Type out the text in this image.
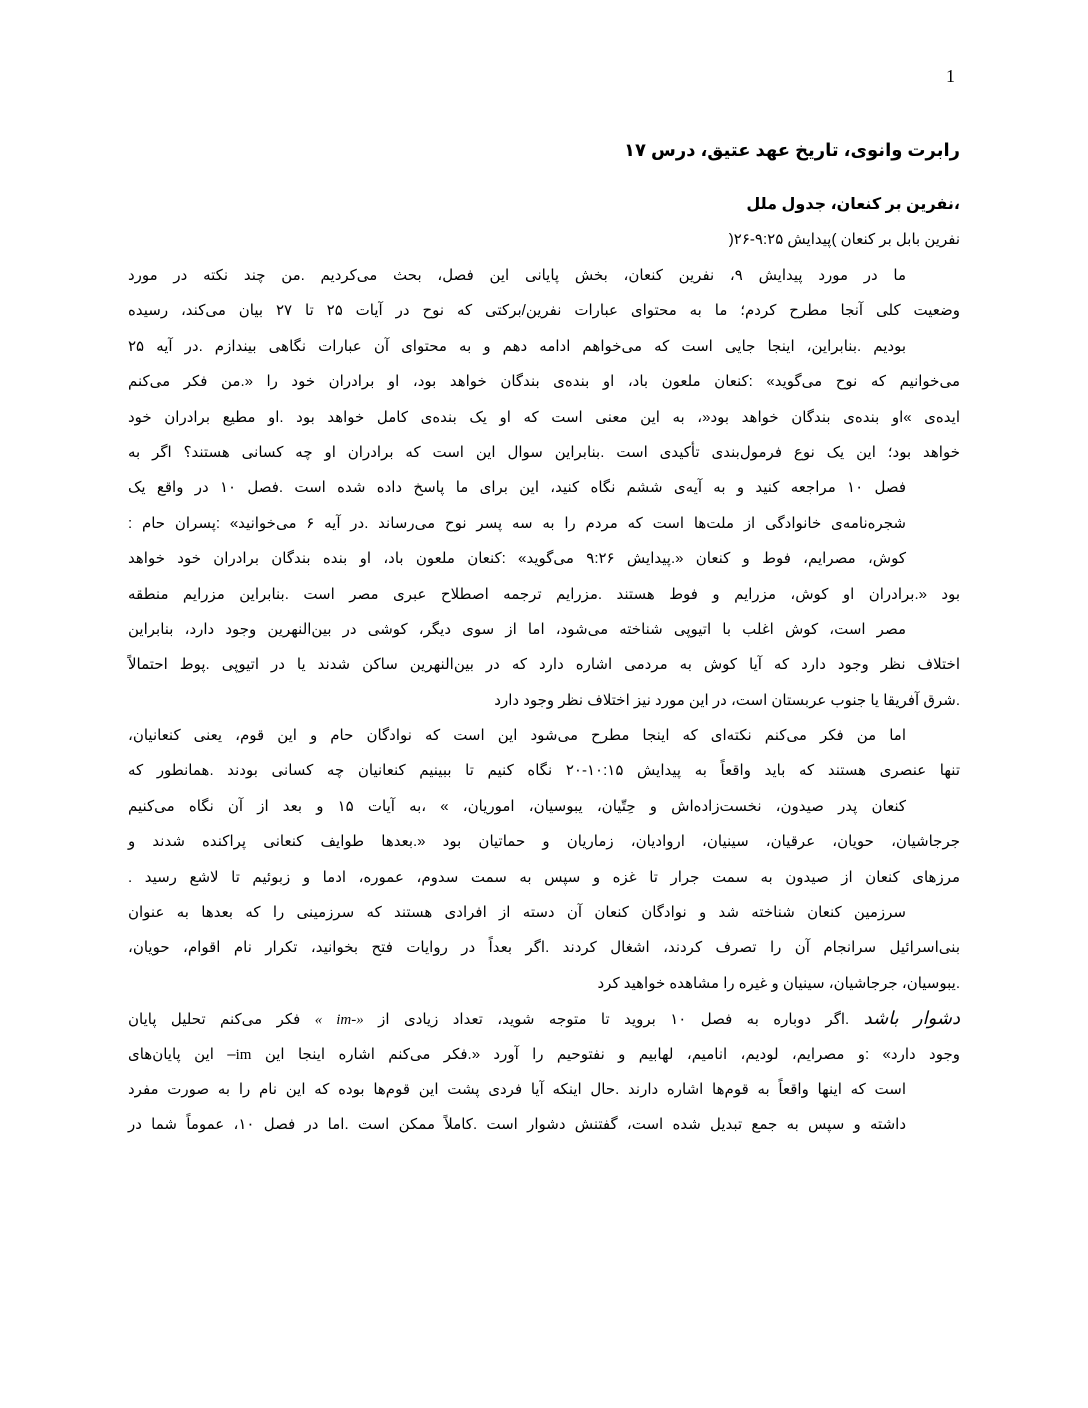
1
رابرت وانوی، تاریخ عهد عتیق، درس ۱۷
،نفرین بر کنعان، جدول ملل
نفرین بابل بر کنعان )پیدایش ۹:۲۵-۲۶(
ما در مورد پیدایش ۹، نفرین کنعان، بخش پایانی این فصل، بحث می‌کردیم .من چند نکته در مورد
وضعیت کلی آنجا مطرح کردم؛ ما به محتوای عبارات نفرین/برکتی که نوح در آیات ۲۵ تا ۲۷ بیان می‌کند، رسیده
بودیم .بنابراین، اینجا جایی است که می‌خواهم ادامه دهم و به محتوای آن عبارات نگاهی بیندازم .در آیه ۲۵
می‌خوانیم که نوح می‌گوید» :کنعان ملعون باد، او بنده‌ی بندگان خواهد بود، او برادران خود را «.من فکر می‌کنم
ایده‌ی »او بنده‌ی بندگان خواهد بود«، به این معنی است که او یک بنده‌ی کامل خواهد بود .او مطیع برادران خود
خواهد بود؛ این یک نوع فرمول‌بندی تأکیدی است .بنابراین سوال این است که برادران او چه کسانی هستند؟ اگر به
فصل ۱۰ مراجعه کنید و به آیه‌ی ششم نگاه کنید، این برای ما پاسخ داده شده است .فصل ۱۰ در واقع یک
شجره‌نامه‌ی خانوادگی از ملت‌ها است که مردم را به سه پسر نوح می‌رساند .در آیه ۶ می‌خوانید» :پسران حام :
کوش، مصرایم، فوط و کنعان «.پیدایش ۹:۲۶ می‌گوید» :کنعان ملعون باد، او بنده بندگان برادران خود خواهد
بود «.برادران او کوش، مزرایم و فوط هستند .مزرایم ترجمه اصطلاح عبری مصر است .بنابراین مزرایم منطقه
مصر است، کوش اغلب با اتیوپی شناخته می‌شود، اما از سوی دیگر، کوشی در بین‌النهرین وجود دارد، بنابراین
اختلاف نظر وجود دارد که آیا کوش به مردمی اشاره دارد که در بین‌النهرین ساکن شدند یا در اتیوپی .پوط احتمالاً
.شرق آفریقا یا جنوب عربستان است، در این مورد نیز اختلاف نظر وجود دارد
اما من فکر می‌کنم نکته‌ای که اینجا مطرح می‌شود این است که نوادگان حام و این قوم، یعنی کنعانیان،
تنها عنصری هستند که باید واقعاً به پیدایش ۱۰:۱۵-۲۰ نگاه کنیم تا ببینیم کنعانیان چه کسانی بودند .همانطور که
کنعان پدر صیدون، نخست‌زاده‌اش و حِتّیان، یبوسیان، اموریان، » ،به آیات ۱۵ و بعد از آن نگاه می‌کنیم
جرجاشیان، حویان، عرقیان، سینیان، اروادیان، زماریان و حماتیان بود «.بعدها طوایف کنعانی پراکنده شدند و
مرزهای کنعان از صیدون به سمت جرار تا غزه و سپس به سمت سدوم، عموره، ادما و زبوئیم تا لاشع رسید .
سرزمین کنعان شناخته شد و نوادگان کنعان آن دسته از افرادی هستند که سرزمینی را که بعدها به عنوان
بنی‌اسرائیل سرانجام آن را تصرف کردند، اشغال کردند .اگر بعداً در روایات فتح بخوانید، تکرار نام اقوام، حویان،
.یبوسیان، جرجاشیان، سینیان و غیره را مشاهده خواهید کرد
دشوار باشد .اگر دوباره به فصل ۱۰ بروید تا متوجه شوید، تعداد زیادی از «-im » فکر می‌کنم تحلیل پایان
وجود دارد» :و مصرایم، لودیم، انامیم، لهابیم و نفتوحیم را آورد «.فکر می‌کنم اشاره اینجا این im– این پایان‌های
است که اینها واقعاً به قوم‌ها اشاره دارند .حال اینکه آیا فردی پشت این قوم‌ها بوده که این نام را به صورت مفرد
داشته و سپس به جمع تبدیل شده است، گفتنش دشوار است .کاملاً ممکن است .اما در فصل ۱۰، عموماً شما در
